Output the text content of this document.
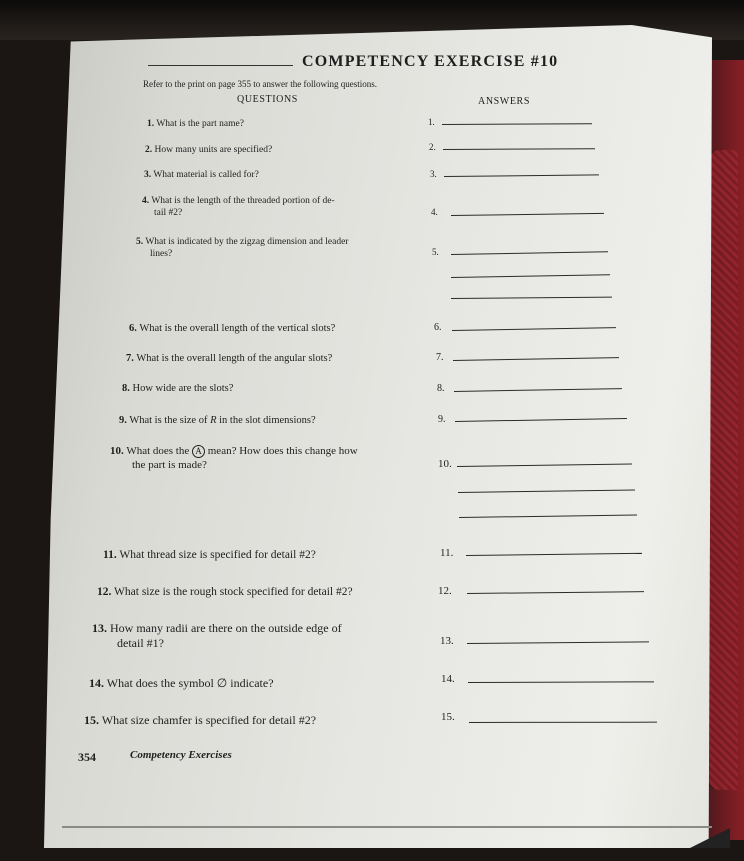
COMPETENCY EXERCISE #10
Refer to the print on page 355 to answer the following questions.
QUESTIONS	ANSWERS
1. What is the part name?	1.
2. How many units are specified?	2.
3. What material is called for?	3.
4. What is the length of the threaded portion of de-
tail #2?	4.
5. What is indicated by the zigzag dimension and leader
lines?	5.
6. What is the overall length of the vertical slots?	6.
7. What is the overall length of the angular slots?	7.
8. How wide are the slots?	8.
9. What is the size of R in the slot dimensions?	9.
10. What does the A mean? How does this change how
the part is made?	10.
11. What thread size is specified for detail #2?	11.
12. What size is the rough stock specified for detail #2?	12.
13. How many radii are there on the outside edge of
detail #1?	13.
14. What does the symbol ∅ indicate?	14.
15. What size chamfer is specified for detail #2?	15.
354	Competency Exercises
